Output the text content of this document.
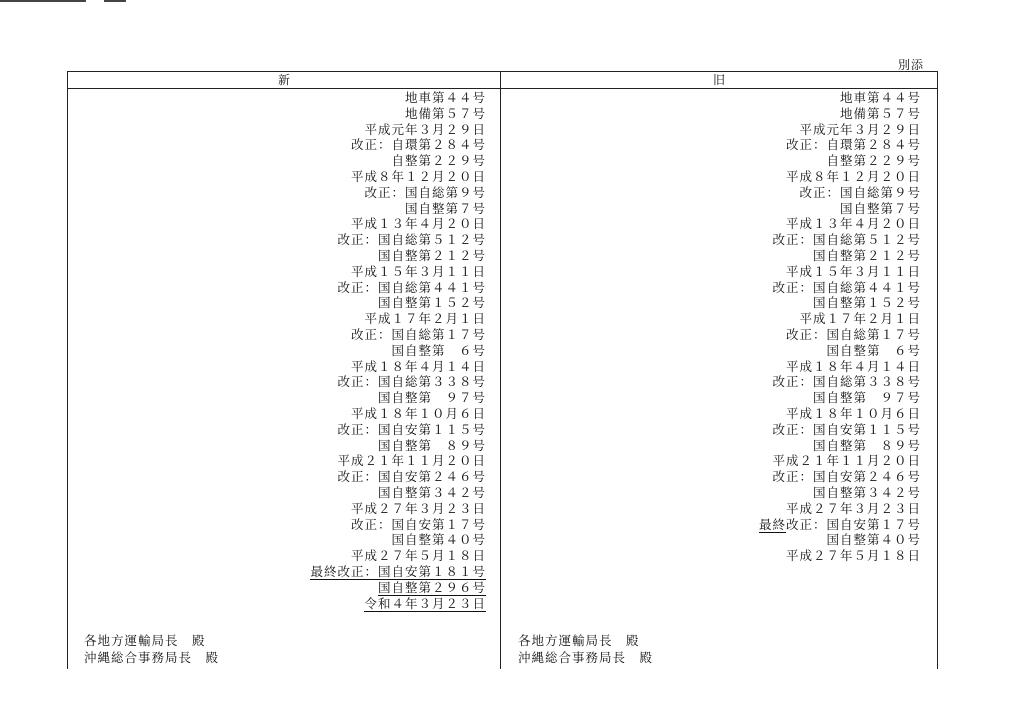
別添
新	旧
地車第４４号
地備第５７号
平成元年３月２９日
改正：自環第２８４号
自整第２２９号
平成８年１２月２０日
改正：国自総第９号
国自整第７号
平成１３年４月２０日
改正：国自総第５１２号
国自整第２１２号
平成１５年３月１１日
改正：国自総第４４１号
国自整第１５２号
平成１７年２月１日
改正：国自総第１７号
国自整第　６号
平成１８年４月１４日
改正：国自総第３３８号
国自整第　９７号
平成１８年１０月６日
改正：国自安第１１５号
国自整第　８９号
平成２１年１１月２０日
改正：国自安第２４６号
国自整第３４２号
平成２７年３月２３日
改正：国自安第１７号
国自整第４０号
平成２７年５月１８日
最終改正：国自安第１８１号
国自整第２９６号
令和４年３月２３日
地車第４４号
地備第５７号
平成元年３月２９日
改正：自環第２８４号
自整第２２９号
平成８年１２月２０日
改正：国自総第９号
国自整第７号
平成１３年４月２０日
改正：国自総第５１２号
国自整第２１２号
平成１５年３月１１日
改正：国自総第４４１号
国自整第１５２号
平成１７年２月１日
改正：国自総第１７号
国自整第　６号
平成１８年４月１４日
改正：国自総第３３８号
国自整第　９７号
平成１８年１０月６日
改正：国自安第１１５号
国自整第　８９号
平成２１年１１月２０日
改正：国自安第２４６号
国自整第３４２号
平成２７年３月２３日
最終改正：国自安第１７号
国自整第４０号
平成２７年５月１８日
各地方運輸局長　殿
沖縄総合事務局長　殿
各地方運輸局長　殿
沖縄総合事務局長　殿
